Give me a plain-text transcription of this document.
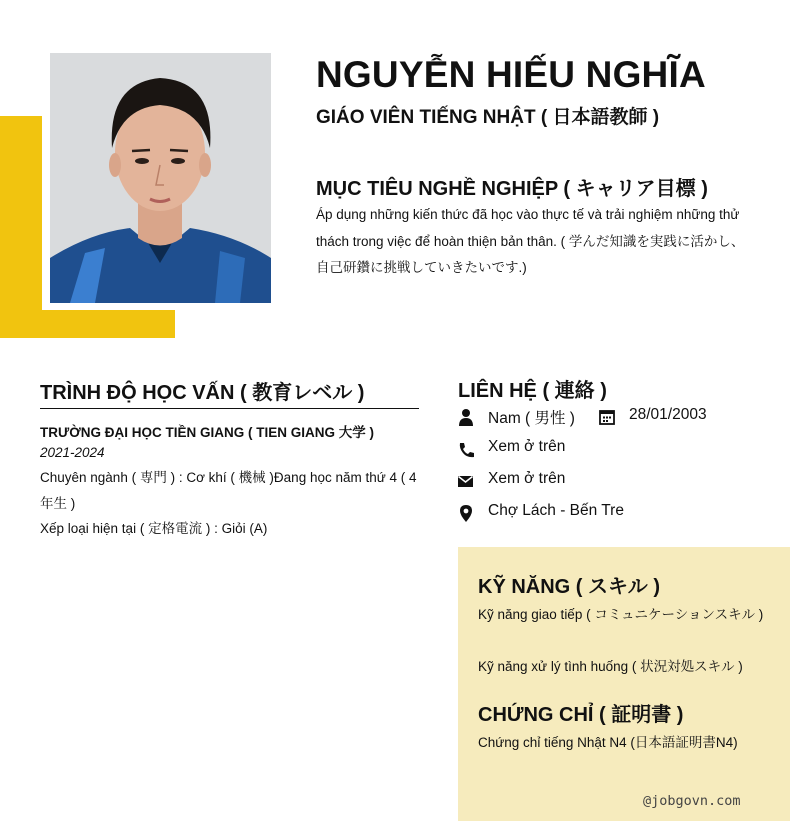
NGUYỄN HIẾU NGHĨA
GIÁO VIÊN TIẾNG NHẬT ( 日本語教師 )
MỤC TIÊU NGHỀ NGHIỆP ( キャリア目標 )
Áp dụng những kiến thức đã học vào thực tế và trải nghiệm những thử thách trong việc để hoàn thiện bản thân. ( 学んだ知識を実践に活かし、自己研鑽に挑戦していきたいです.)
TRÌNH ĐỘ HỌC VẤN ( 教育レベル )
TRƯỜNG ĐẠI HỌC TIỀN GIANG ( TIEN GIANG 大学 )
2021-2024
Chuyên ngành ( 専門 ) : Cơ khí ( 機械 )Đang học năm thứ 4 ( 4年生 )
Xếp loại hiện tại ( 定格電流 ) : Giỏi (A)
LIÊN HỆ ( 連絡 )
Nam ( 男性 )	28/01/2003
Xem ở trên
Xem ở trên
Chợ Lách - Bến Tre
KỸ NĂNG ( スキル )
Kỹ năng giao tiếp ( コミュニケーションスキル )
Kỹ năng xử lý tình huống ( 状況対処スキル )
CHỨNG CHỈ ( 証明書 )
Chứng chỉ tiếng Nhật N4 (日本語証明書N4)
@jobgovn.com
